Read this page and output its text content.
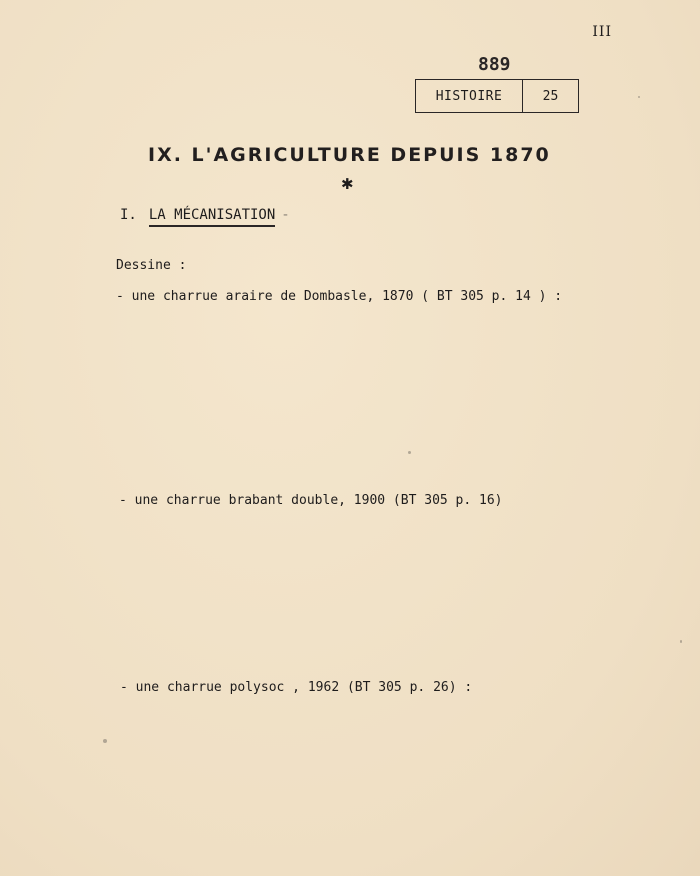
III
889
HISTOIRE	25
IX. L'AGRICULTURE DEPUIS 1870
✱
I. LA MÉCANISATION -
Dessine :
- une charrue araire de Dombasle, 1870 ( BT 305 p. 14 ) :
- une charrue brabant double, 1900 (BT 305 p. 16)
- une charrue polysoc , 1962 (BT 305 p. 26) :
